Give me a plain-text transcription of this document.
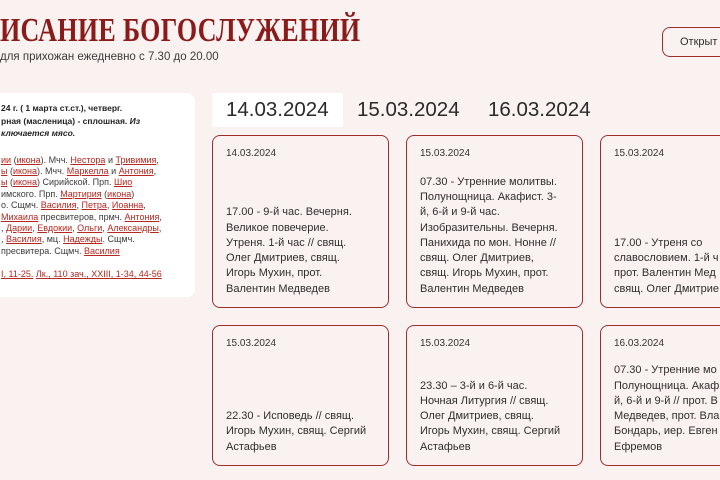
ИСАНИЕ БОГОСЛУЖЕНИЙ
для прихожан ежедневно с 7.30 до 20.00
Открыт
24 г. ( 1 марта ст.ст.), четверг.
рная (масленица) - сплошная. Из
ключается мясо.
ии (икона). Мчч. Нестора и Тривимия,
ы (икона). Мчч. Маркелла и Антония,
ы (икона) Сирийской. Прп. Шио
имского. Прп. Мартирия (икона)
о. Сщмч. Василия, Петра, Иоанна,
Михаила пресвитеров, прмч. Антония,
, Дарии, Евдокии, Ольги, Александры,
, Василия, мц. Надежды. Сщмч.
пресвитера. Сщмч. Василия
I, 11-25. Лк., 110 зач., XXIII, 1-34, 44-56
14.03.2024	15.03.2024	16.03.2024
14.03.2024
17.00 - 9-й час. Вечерня.
Великое повечерие.
Утреня. 1-й час // свящ.
Олег Дмитриев, свящ.
Игорь Мухин, прот.
Валентин Медведев
15.03.2024
07.30 - Утренние молитвы.
Полунощница. Акафист. 3-
й, 6-й и 9-й час.
Изобразительны. Вечерня.
Панихида по мон. Нонне //
свящ. Олег Дмитриев,
свящ. Игорь Мухин, прот.
Валентин Медведев
15.03.2024
17.00 - Утреня со
славословием. 1-й ч
прот. Валентин Мед
свящ. Олег Дмитрие
15.03.2024
22.30 - Исповедь // свящ.
Игорь Мухин, свящ. Сергий
Астафьев
15.03.2024
23.30 – 3-й и 6-й час.
Ночная Литургия // свящ.
Олег Дмитриев, свящ.
Игорь Мухин, свящ. Сергий
Астафьев
16.03.2024
07.30 - Утренние мо
Полунощница. Акаф
й, 6-й и 9-й // прот. В
Медведев, прот. Вла
Бондарь, иер. Евген
Ефремов
